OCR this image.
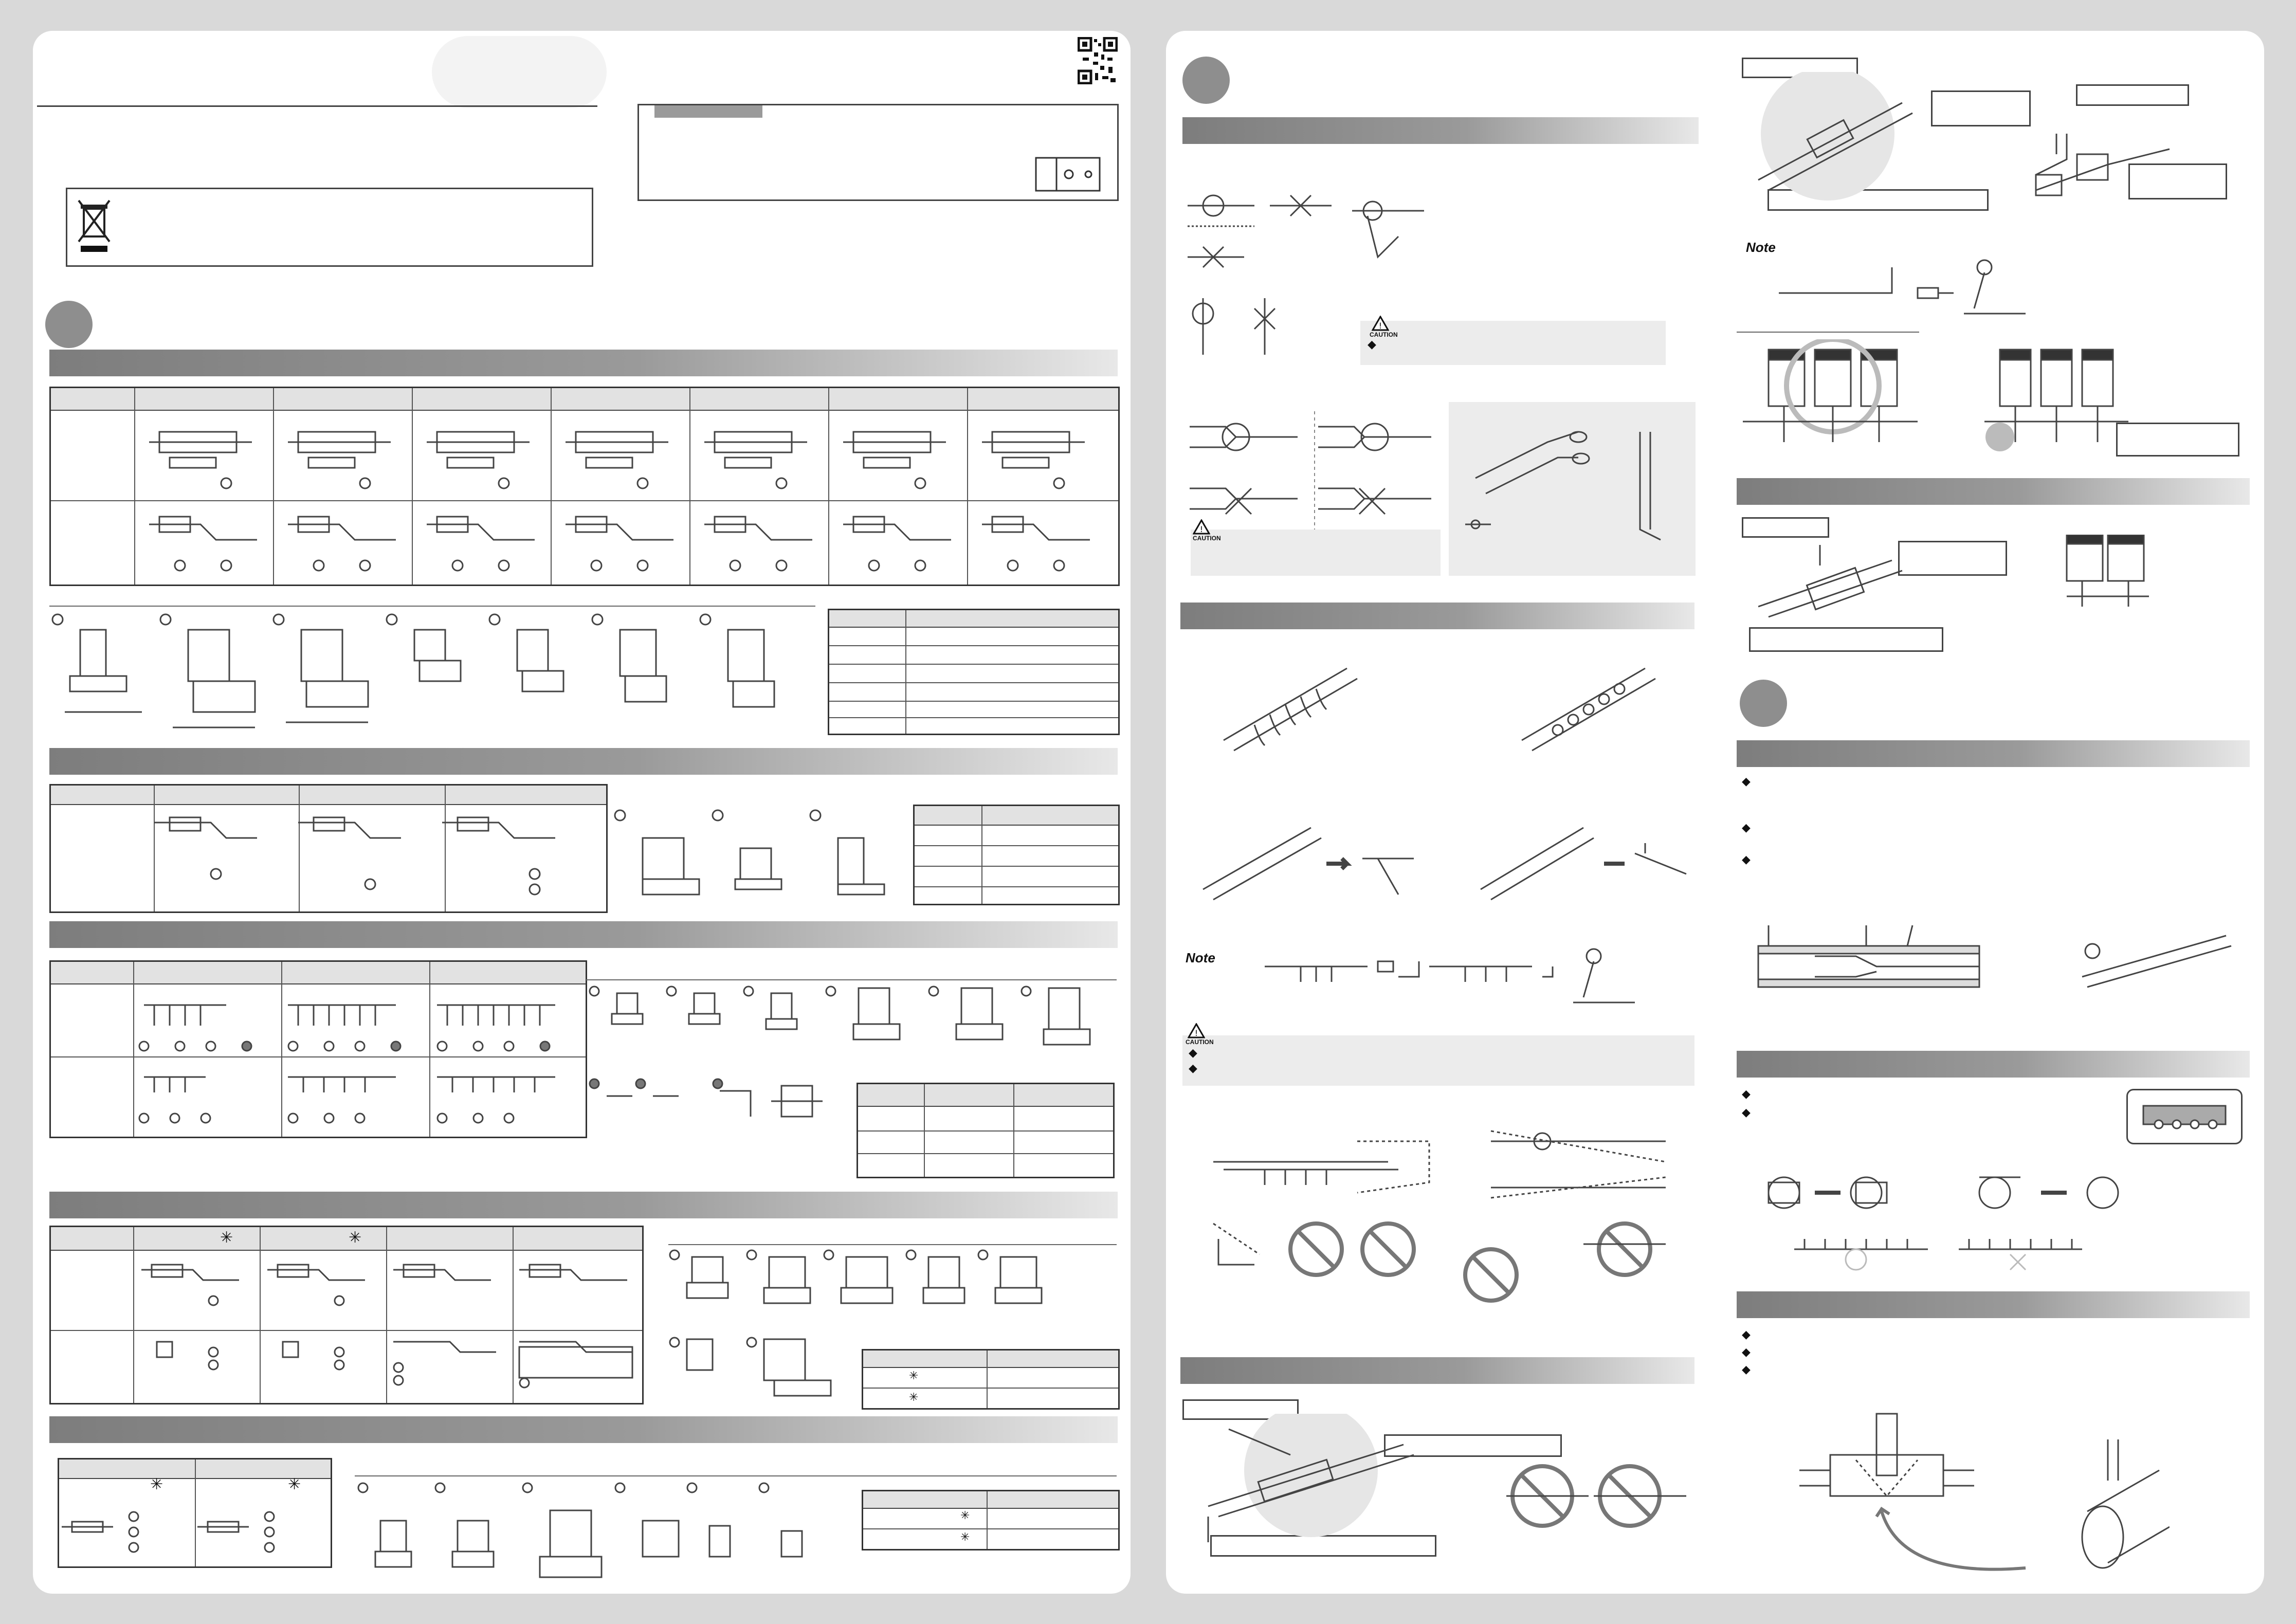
✳	✳
✳
✳
✳	✳
✳
✳
!
CAUTION
◆
!
CAUTION
Note
!
CAUTION
◆
◆
Note
◆
◆
◆
◆
◆
◆
◆
◆
